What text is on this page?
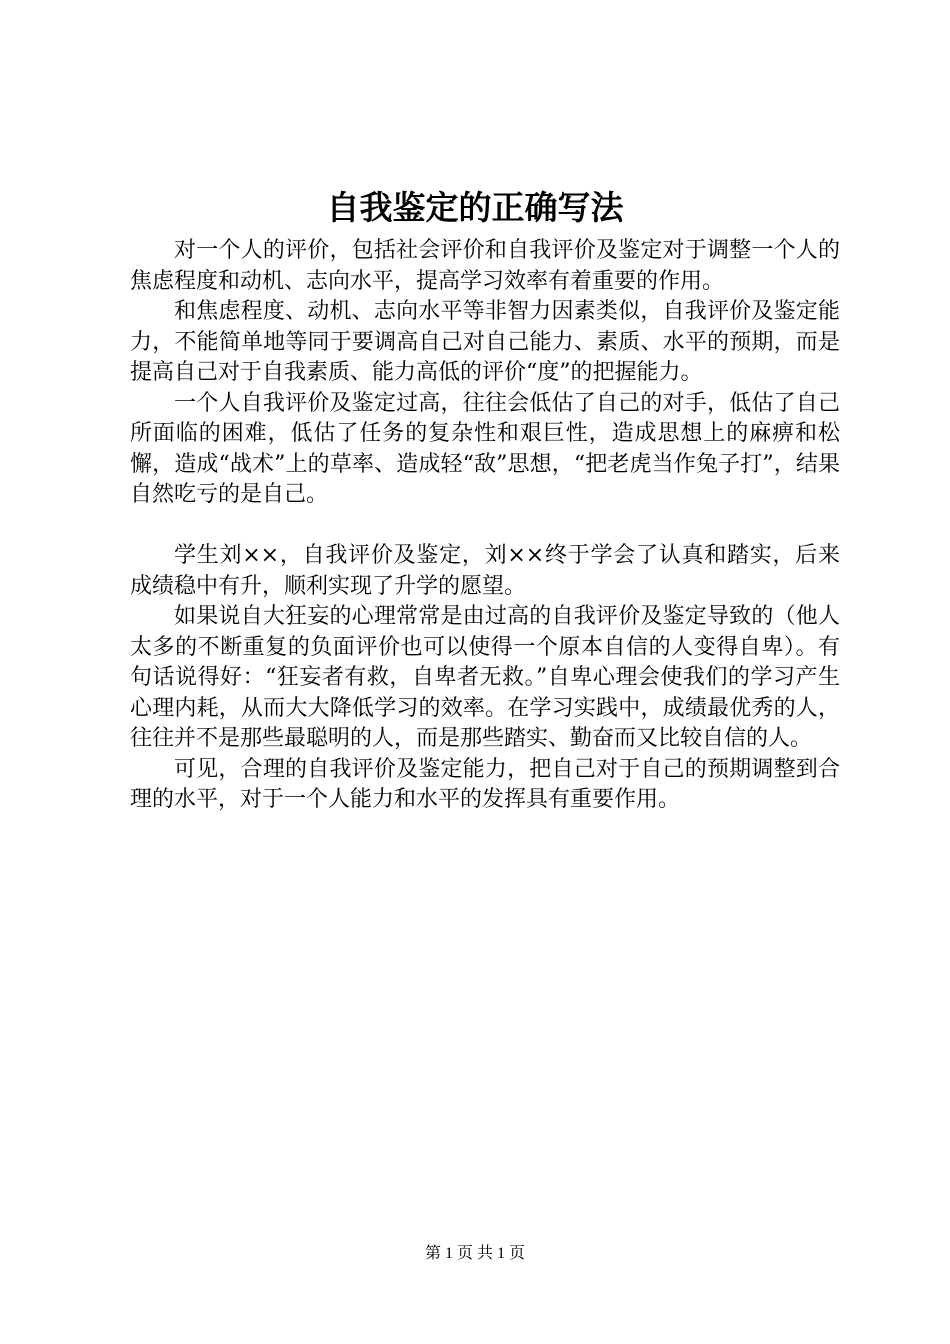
自我鉴定的正确写法

对一个人的评价，包括社会评价和自我评价及鉴定对于调整一个人的焦虑程度和动机、志向水平，提高学习效率有着重要的作用。

和焦虑程度、动机、志向水平等非智力因素类似，自我评价及鉴定能力，不能简单地等同于要调高自己对自己能力、素质、水平的预期，而是提高自己对于自我素质、能力高低的评价“度”的把握能力。

一个人自我评价及鉴定过高，往往会低估了自己的对手，低估了自己所面临的困难，低估了任务的复杂性和艰巨性，造成思想上的麻痹和松懈，造成“战术”上的草率、造成轻“敌”思想，“把老虎当作兔子打”，结果自然吃亏的是自己。

学生刘××，自我评价及鉴定，刘××终于学会了认真和踏实，后来成绩稳中有升，顺利实现了升学的愿望。

如果说自大狂妄的心理常常是由过高的自我评价及鉴定导致的（他人太多的不断重复的负面评价也可以使得一个原本自信的人变得自卑）。有句话说得好：“狂妄者有救，自卑者无救。”自卑心理会使我们的学习产生心理内耗，从而大大降低学习的效率。在学习实践中，成绩最优秀的人，往往并不是那些最聪明的人，而是那些踏实、勤奋而又比较自信的人。

可见，合理的自我评价及鉴定能力，把自己对于自己的预期调整到合理的水平，对于一个人能力和水平的发挥具有重要作用。

第 1 页 共 1 页
